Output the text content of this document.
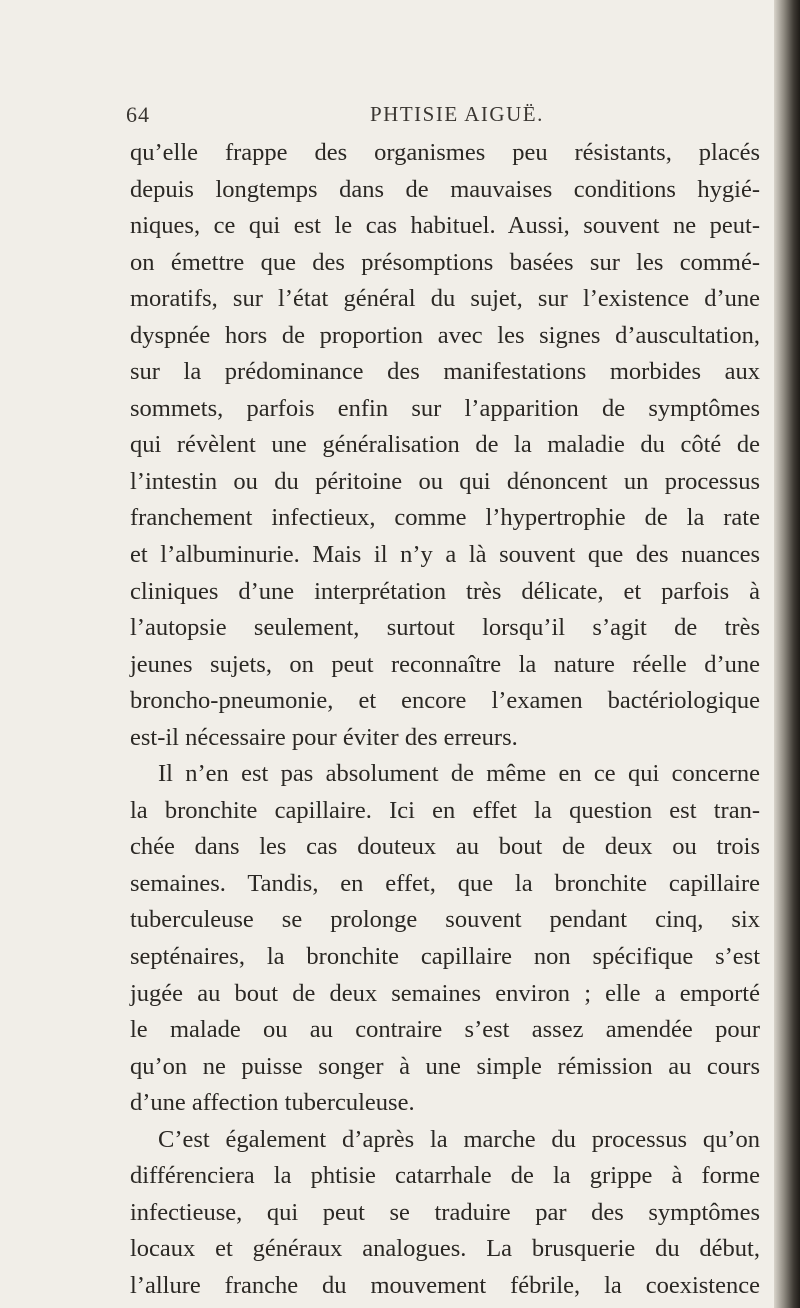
64	PHTISIE AIGUË.
qu’elle frappe des organismes peu résistants, placés
depuis longtemps dans de mauvaises conditions hygié-
niques, ce qui est le cas habituel. Aussi, souvent ne peut-
on émettre que des présomptions basées sur les commé-
moratifs, sur l’état général du sujet, sur l’existence d’une
dyspnée hors de proportion avec les signes d’auscultation,
sur la prédominance des manifestations morbides aux
sommets, parfois enfin sur l’apparition de symptômes
qui révèlent une généralisation de la maladie du côté de
l’intestin ou du péritoine ou qui dénoncent un processus
franchement infectieux, comme l’hypertrophie de la rate
et l’albuminurie. Mais il n’y a là souvent que des nuances
cliniques d’une interprétation très délicate, et parfois à
l’autopsie seulement, surtout lorsqu’il s’agit de très
jeunes sujets, on peut reconnaître la nature réelle d’une
broncho-pneumonie, et encore l’examen bactériologique
est-il nécessaire pour éviter des erreurs.
Il n’en est pas absolument de même en ce qui concerne
la bronchite capillaire. Ici en effet la question est tran-
chée dans les cas douteux au bout de deux ou trois
semaines. Tandis, en effet, que la bronchite capillaire
tuberculeuse se prolonge souvent pendant cinq, six
septénaires, la bronchite capillaire non spécifique s’est
jugée au bout de deux semaines environ ; elle a emporté
le malade ou au contraire s’est assez amendée pour
qu’on ne puisse songer à une simple rémission au cours
d’une affection tuberculeuse.
C’est également d’après la marche du processus qu’on
différenciera la phtisie catarrhale de la grippe à forme
infectieuse, qui peut se traduire par des symptômes
locaux et généraux analogues. La brusquerie du début,
l’allure franche du mouvement fébrile, la coexistence
